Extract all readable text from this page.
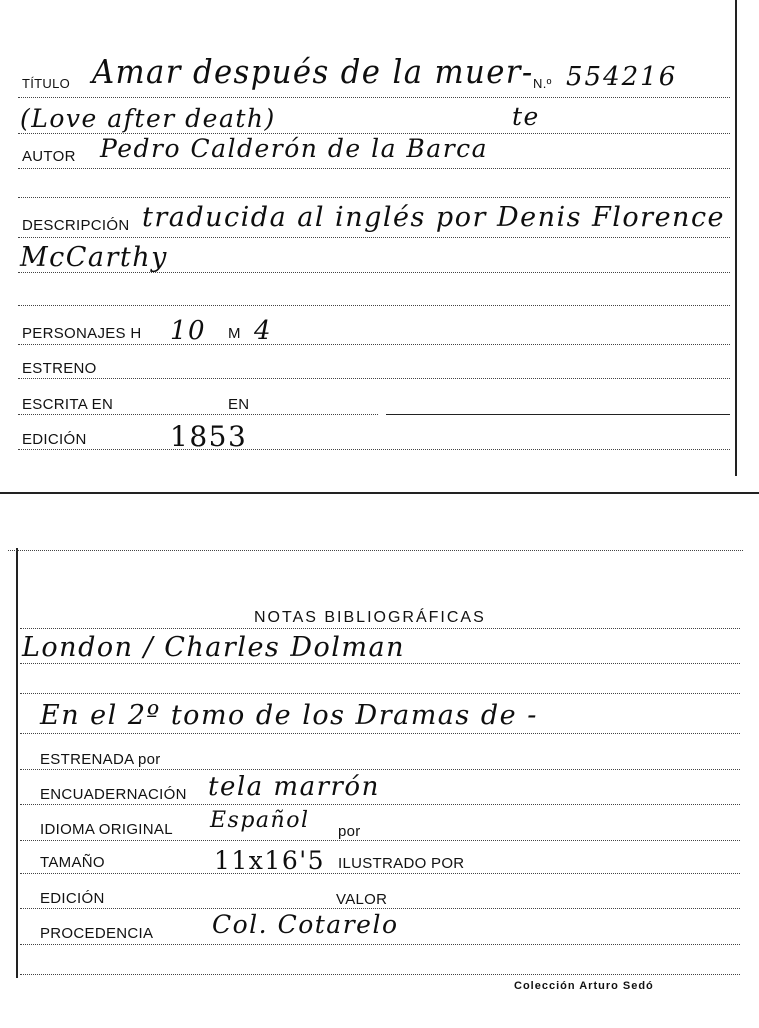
TÍTULO Amar después de la muer- N.º 554216
(Love after death)	te
AUTOR Pedro Calderón de la Barca
DESCRIPCIÓN traducida al inglés por Denis Florence
McCarthy
PERSONAJES H 10 M 4
ESTRENO
ESCRITA EN	EN
EDICIÓN	1853
NOTAS BIBLIOGRÁFICAS
London / Charles Dolman
En el 2º tomo de los Dramas de -
ESTRENADA por
ENCUADERNACIÓN tela marrón
IDIOMA ORIGINAL Español por
TAMAÑO	11x16'5 ILUSTRADO POR
EDICIÓN	VALOR
PROCEDENCIA Col. Cotarelo
Colección Arturo Sedó
